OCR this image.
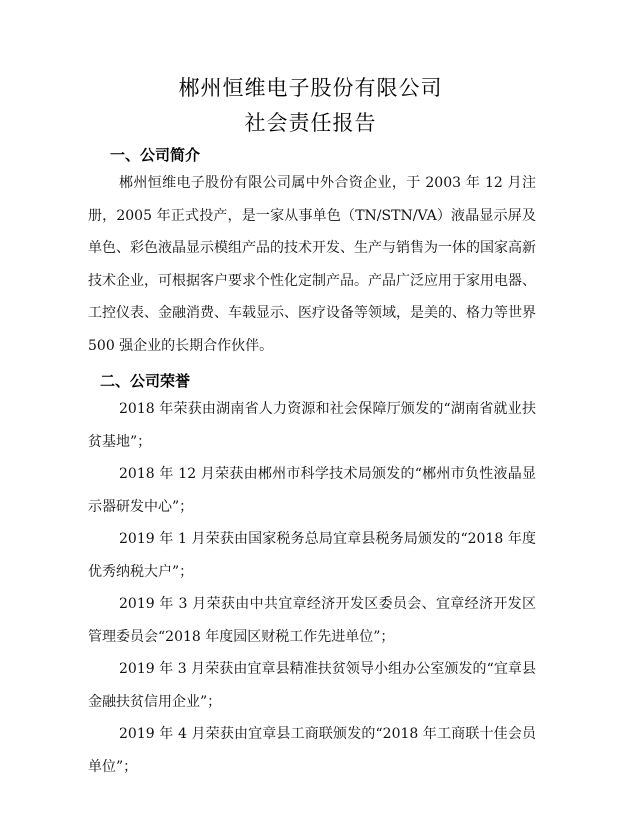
郴州恒维电子股份有限公司
社会责任报告
一、公司简介

郴州恒维电子股份有限公司属中外合资企业，于 2003 年 12 月注册，2005 年正式投产，是一家从事单色（TN/STN/VA）液晶显示屏及单色、彩色液晶显示模组产品的技术开发、生产与销售为一体的国家高新技术企业，可根据客户要求个性化定制产品。产品广泛应用于家用电器、工控仪表、金融消费、车载显示、医疗设备等领域，是美的、格力等世界 500 强企业的长期合作伙伴。

二、公司荣誉

2018 年荣获由湖南省人力资源和社会保障厅颁发的“湖南省就业扶贫基地”；

2018 年 12 月荣获由郴州市科学技术局颁发的“郴州市负性液晶显示器研发中心”；

2019 年 1 月荣获由国家税务总局宜章县税务局颁发的“2018 年度优秀纳税大户”；

2019 年 3 月荣获由中共宜章经济开发区委员会、宜章经济开发区管理委员会“2018 年度园区财税工作先进单位”；

2019 年 3 月荣获由宜章县精准扶贫领导小组办公室颁发的“宜章县金融扶贫信用企业”；

2019 年 4 月荣获由宜章县工商联颁发的“2018 年工商联十佳会员单位”；
